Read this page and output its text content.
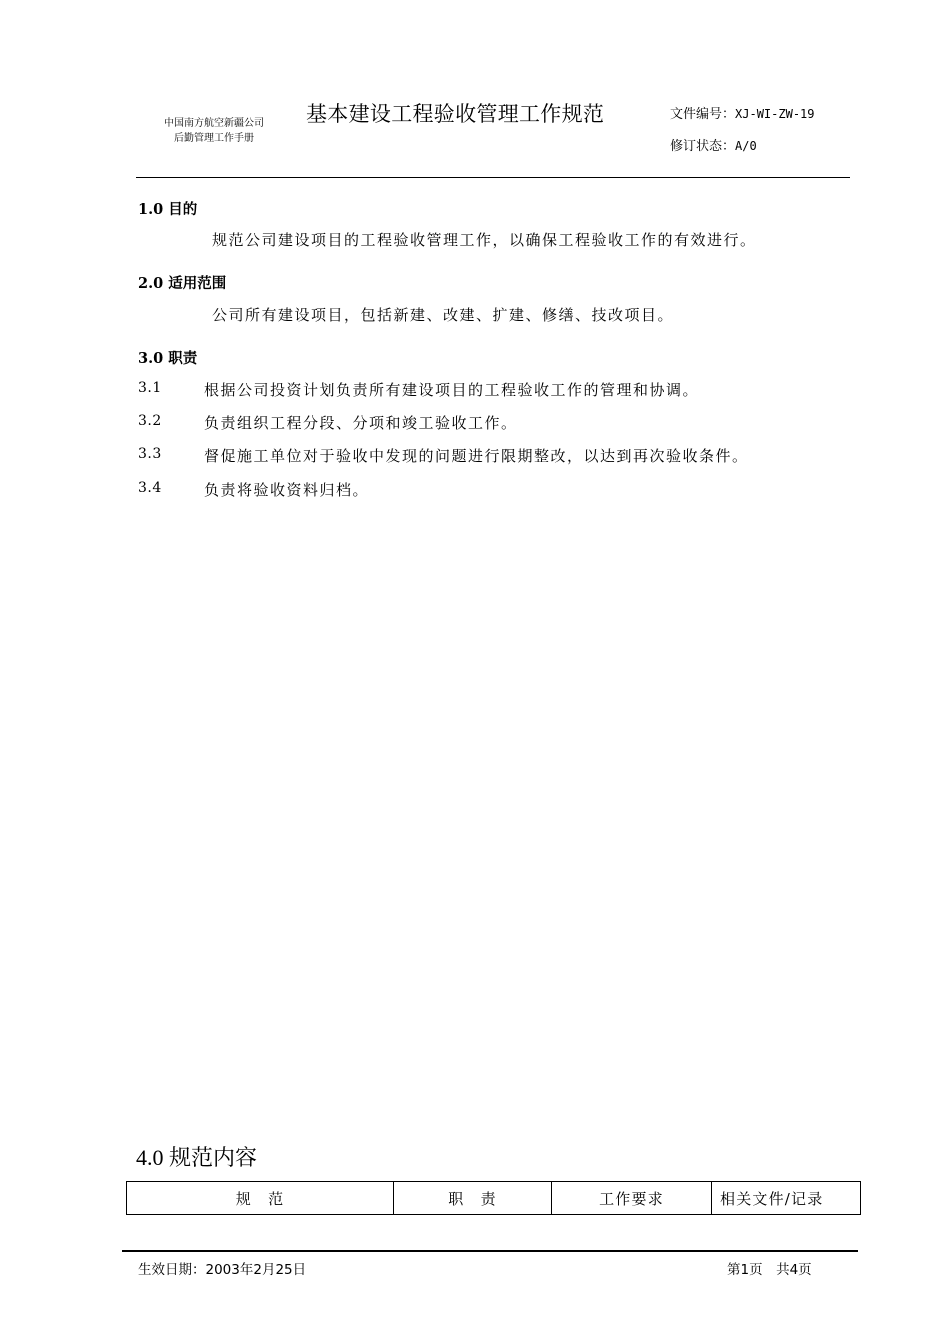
中国南方航空新疆公司
后勤管理工作手册
基本建设工程验收管理工作规范	文件编号：XJ-WI-ZW-19
修订状态：A/0
1.0 目的
规范公司建设项目的工程验收管理工作，以确保工程验收工作的有效进行。
2.0 适用范围
公司所有建设项目，包括新建、改建、扩建、修缮、技改项目。
3.0 职责
3.1	根据公司投资计划负责所有建设项目的工程验收工作的管理和协调。
3.2	负责组织工程分段、分项和竣工验收工作。
3.3	督促施工单位对于验收中发现的问题进行限期整改，以达到再次验收条件。
3.4	负责将验收资料归档。
4.0 规范内容
规　范	职　责	工作要求	相关文件/记录
生效日期：2003年2月25日	第1页　共4页
